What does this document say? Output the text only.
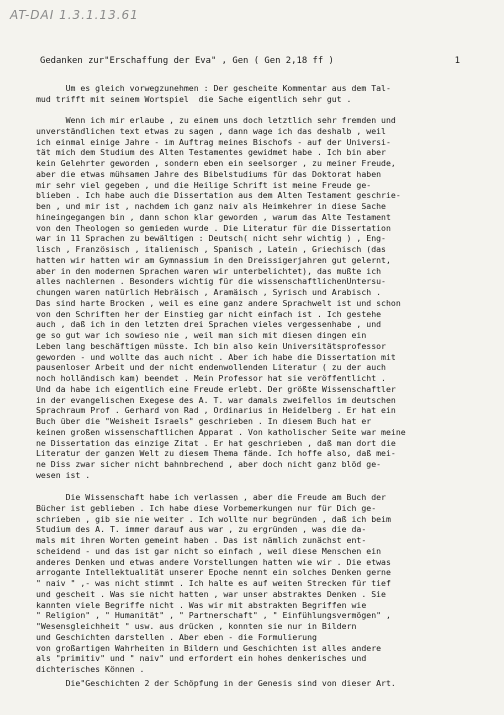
AT-DAI 1.3.1.13.61
Gedanken zur"Erschaffung der Eva" , Gen ( Gen 2,18 ff )	1
Um es gleich vorwegzunehmen : Der gescheite Kommentar aus dem Tal-
mud trifft mit seinem Wortspiel  die Sache eigentlich sehr gut .
Wenn ich mir erlaube , zu einem uns doch letztlich sehr fremden und
unverständlichen text etwas zu sagen , dann wage ich das deshalb , weil
ich einmal einige Jahre - im Auftrag meines Bischofs - auf der Universi-
tät mich dem Studium des Alten Testamentes gewidmet habe . Ich bin aber
kein Gelehrter geworden , sondern eben ein seelsorger , zu meiner Freude,
aber die etwas mühsamen Jahre des Bibelstudiums für das Doktorat haben
mir sehr viel gegeben , und die Heilige Schrift ist meine Freude ge-
blieben . Ich habe auch die Dissertation aus dem Alten Testament geschrie-
ben , und mir ist , nachdem ich ganz naiv als Heimkehrer in diese Sache
hineingegangen bin , dann schon klar geworden , warum das Alte Testament
von den Theologen so gemieden wurde . Die Literatur für die Dissertation
war in 11 Sprachen zu bewältigen : Deutsch( nicht sehr wichtig ) , Eng-
lisch , Französisch , italienisch , Spanisch , Latein , Griechisch (das
hatten wir hatten wir am Gymnassium in den Dreissigerjahren gut gelernt,
aber in den modernen Sprachen waren wir unterbelichtet), das mußte ich
alles nachlernen . Besonders wichtig für die wissenschaftlichenUntersu-
chungen waren natürlich Hebräisch , Aramäisch , Syrisch und Arabisch .
Das sind harte Brocken , weil es eine ganz andere Sprachwelt ist und schon
von den Schriften her der Einstieg gar nicht einfach ist . Ich gestehe
auch , daß ich in den letzten drei Sprachen vieles vergessenhabe , und
ge so gut war ich sowieso nie , weil man sich mit diesen dingen ein
Leben lang beschäftigen müsste. Ich bin also kein Universitätsprofessor
geworden - und wollte das auch nicht . Aber ich habe die Dissertation mit
pausenloser Arbeit und der nicht endenwollenden Literatur ( zu der auch
noch holländisch kam) beendet . Mein Professor hat sie veröffentlicht .
Und da habe ich eigentlich eine Freude erlebt. Der größte Wissenschaftler
in der evangelischen Exegese des A. T. war damals zweifellos im deutschen
Sprachraum Prof . Gerhard von Rad , Ordinarius in Heidelberg . Er hat ein
Buch über die "Weisheit Israels" geschrieben . In diesem Buch hat er
keinen großen wissenschaftlichen Apparat . Von katholischer Seite war meine
ne Dissertation das einzige Zitat . Er hat geschrieben , daß man dort die
Literatur der ganzen Welt zu diesem Thema fände. Ich hoffe also, daß mei-
ne Diss zwar sicher nicht bahnbrechend , aber doch nicht ganz blöd ge-
wesen ist .
Die Wissenschaft habe ich verlassen , aber die Freude am Buch der
Bücher ist geblieben . Ich habe diese Vorbemerkungen nur für Dich ge-
schrieben , gib sie nie weiter . Ich wollte nur begründen , daß ich beim
Studium des A. T. immer darauf aus war , zu ergründen , was die da-
mals mit ihren Worten gemeint haben . Das ist nämlich zunächst ent-
scheidend - und das ist gar nicht so einfach , weil diese Menschen ein
anderes Denken und etwas andere Vorstellungen hatten wie wir . Die etwas
arrogante Intellektualität unserer Epoche nennt ein solches Denken gerne
" naiv " ,- was nicht stimmt . Ich halte es auf weiten Strecken für tief
und gescheit . Was sie nicht hatten , war unser abstraktes Denken . Sie
kannten viele Begriffe nicht . Was wir mit abstrakten Begriffen wie
" Religion" , " Humanität" , " Partnerschaft" , " Einfühlungsvermögen" ,
"Wesensgleichheit " usw. aus drücken , konnten sie nur in Bildern
und Geschichten darstellen . Aber eben - die Formulierung
von großartigen Wahrheiten in Bildern und Geschichten ist alles andere
als "primitiv" und " naiv" und erfordert ein hohes denkerisches und
dichterisches Können .
Die"Geschichten 2 der Schöpfung in der Genesis sind von dieser Art.
